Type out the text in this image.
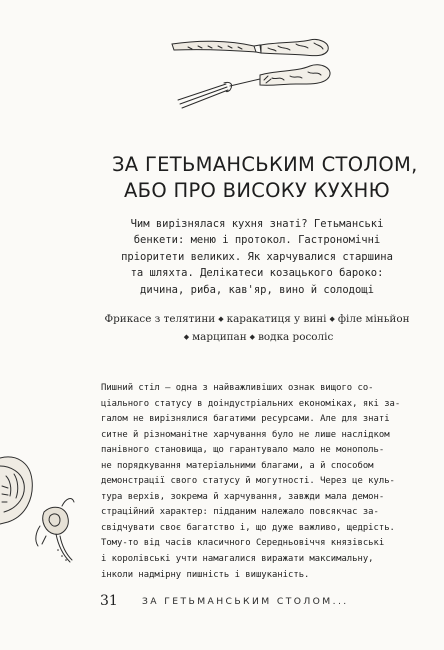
ЗА ГЕТЬМАНСЬКИМ СТОЛОМ,
АБО ПРО ВИСОКУ КУХНЮ
Чим вирізнялася кухня знаті? Гетьманські
бенкети: меню і протокол. Гастрономічні
пріоритети великих. Як харчувалися старшина
та шляхта. Делікатеси козацького бароко:
дичина, риба, кав'яр, вино й солодощі
Фрикасе з телятини ◆ каракатиця у вині ◆ філе міньйон
◆ марципан ◆ водка росоліс
Пишний стіл — одна з найважливіших ознак вищого со-
ціального статусу в доіндустріальних економіках, які за-
галом не вирізнялися багатими ресурсами. Але для знаті
ситне й різноманітне харчування було не лише наслідком
панівного становища, що гарантувало мало не монополь-
не порядкування матеріальними благами, а й способом
демонстрації свого статусу й могутності. Через це куль-
тура верхів, зокрема й харчування, завжди мала демон-
страційний характер: підданим належало повсякчас за-
свідчувати своє багатство і, що дуже важливо, щедрість.
Тому-то від часів класичного Середньовіччя князівські
і королівські учти намагалися виражати максимальну,
інколи надмірну пишність і вишуканість.
31	ЗА ГЕТЬМАНСЬКИМ СТОЛОМ...
